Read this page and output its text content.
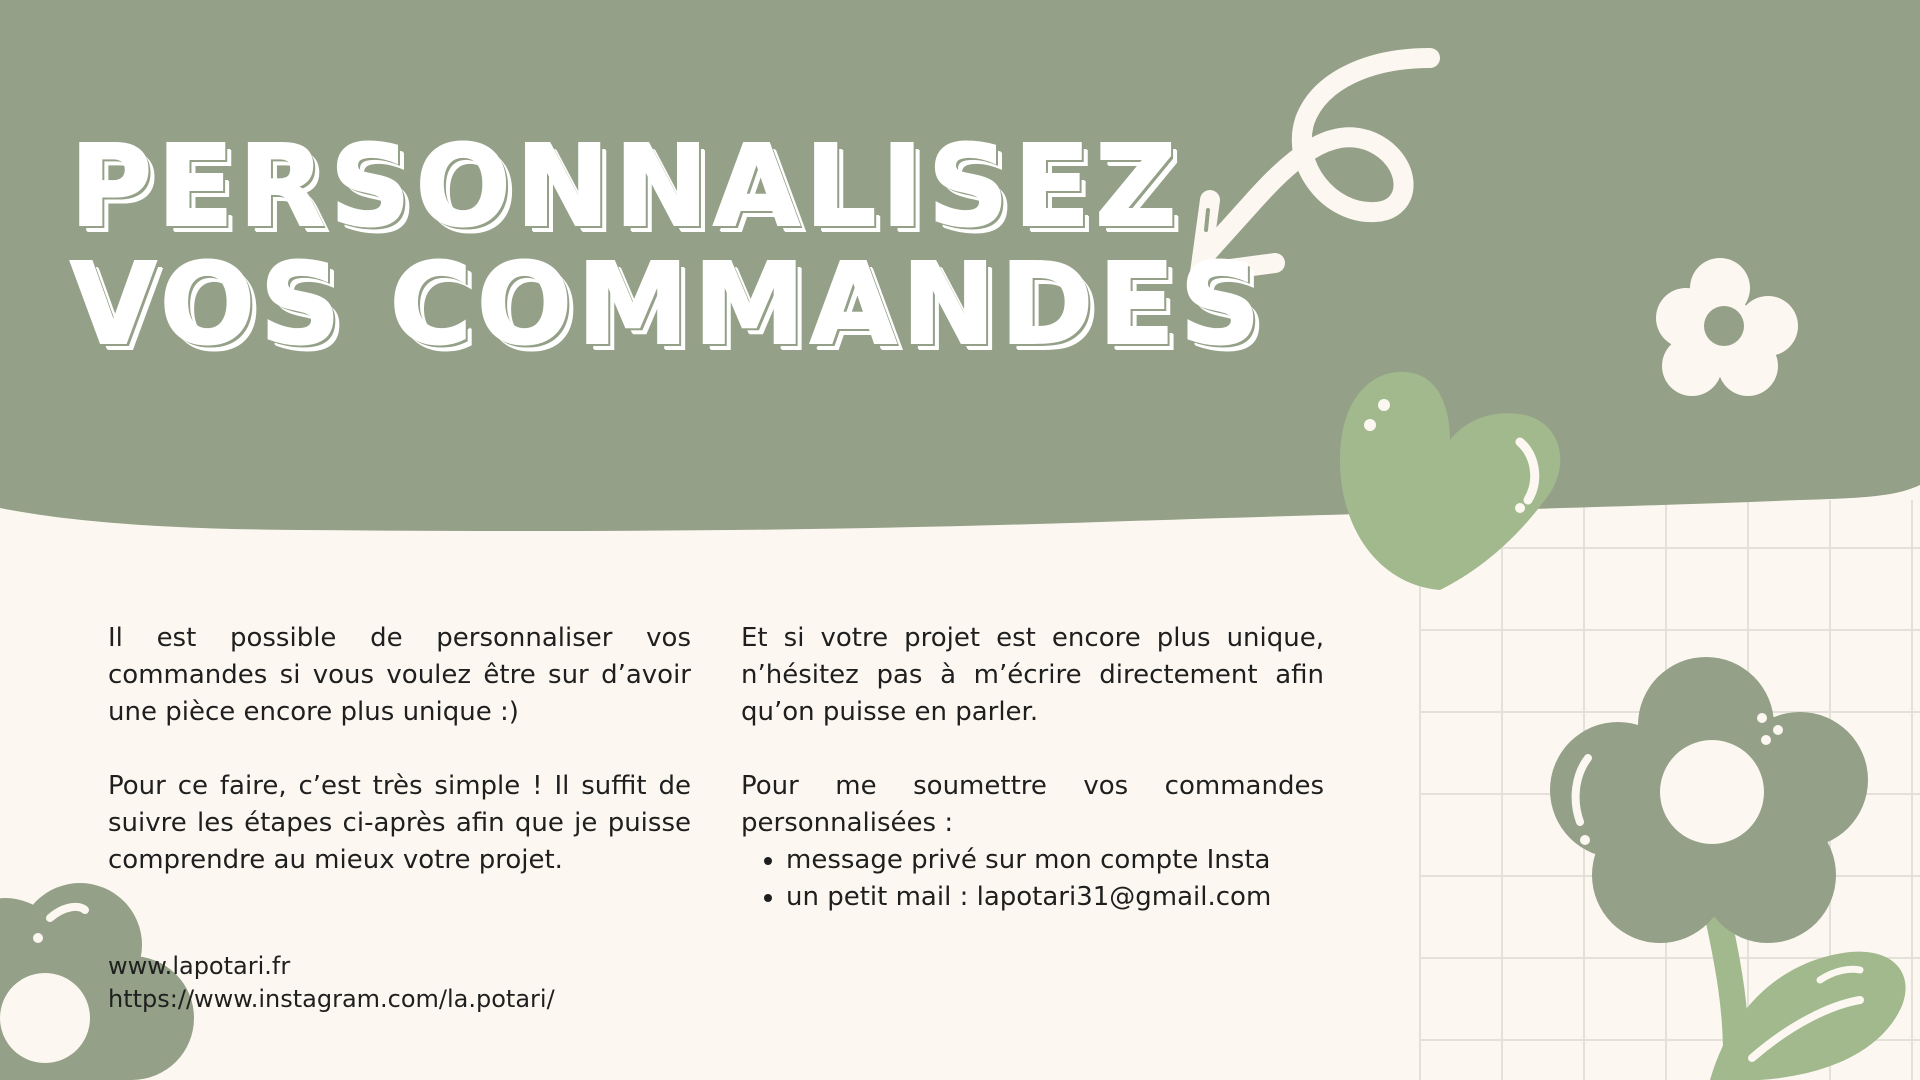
PERSONNALISEZ
VOS COMMANDES

Il est possible de personnaliser vos commandes si vous voulez être sur d’avoir une pièce encore plus unique :)

Pour ce faire, c’est très simple ! Il suffit de suivre les étapes ci-après afin que je puisse comprendre au mieux votre projet.

Et si votre projet est encore plus unique, n’hésitez pas à m’écrire directement afin qu’on puisse en parler.

Pour me soumettre vos commandes personnalisées :

• message privé sur mon compte Insta
• un petit mail : lapotari31@gmail.com
www.lapotari.fr
https://www.instagram.com/la.potari/
